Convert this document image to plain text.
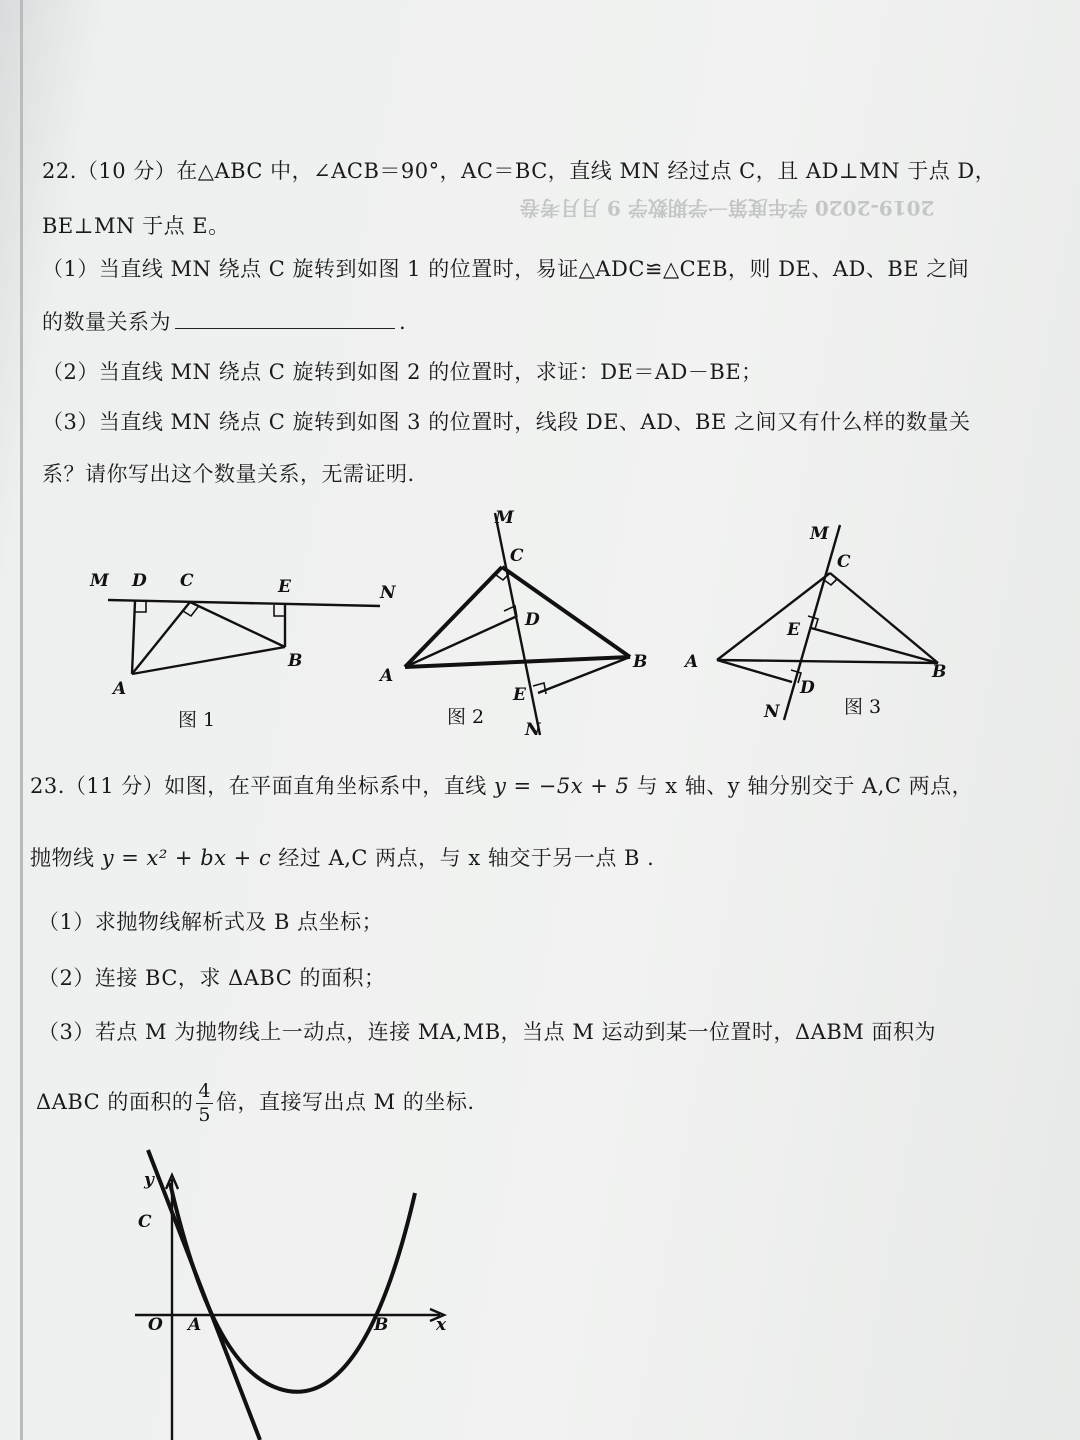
2019-2020 学年度第一学期数学 9 月月考卷
22.（10 分）在△ABC 中，∠ACB＝90°，AC＝BC，直线 MN 经过点 C，且 AD⊥MN 于点 D，
BE⊥MN 于点 E。
（1）当直线 MN 绕点 C 旋转到如图 1 的位置时，易证△ADC≌△CEB，则 DE、AD、BE 之间
的数量关系为	.
（2）当直线 MN 绕点 C 旋转到如图 2 的位置时，求证：DE＝AD－BE；
（3）当直线 MN 绕点 C 旋转到如图 3 的位置时，线段 DE、AD、BE 之间又有什么样的数量关
系？请你写出这个数量关系，无需证明.
M D C	E	N
A
B
图 1
M
C
D
A
B
E
N
图 2
M
C
E
A	B
D
N	图 3
23.（11 分）如图，在平面直角坐标系中，直线 y = −5x + 5 与 x 轴、y 轴分别交于 A,C 两点，
抛物线 y = x² + bx + c 经过 A,C 两点，与 x 轴交于另一点 B .
（1）求抛物线解析式及 B 点坐标；
（2）连接 BC，求 ΔABC 的面积；
（3）若点 M 为抛物线上一动点，连接 MA,MB，当点 M 运动到某一位置时，ΔABM 面积为
ΔABC 的面积的 $\frac{4}{5}$ 倍，直接写出点 M 的坐标.
y
C
O A	B	x
